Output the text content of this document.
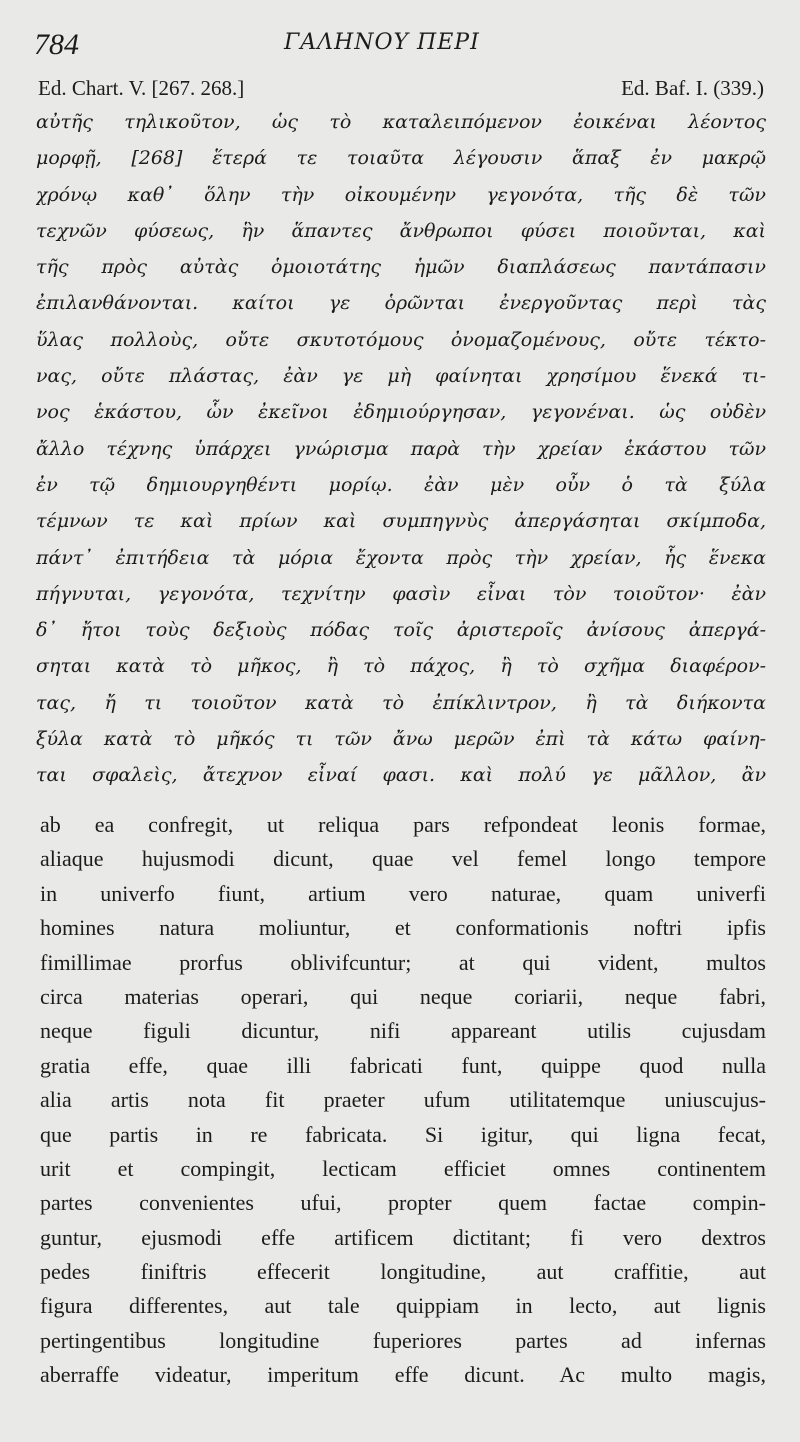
784	ΓΑΛΗΝΟΥ ΠΕΡΙ
Ed. Chart. V. [267. 268.]	Ed. Baf. I. (339.)
αὐτῆς τηλικοῦτον, ὡς τὸ καταλειπόμενον ἐοικέναι λέοντος
μορφῇ, [268] ἕτερά τε τοιαῦτα λέγουσιν ἅπαξ ἐν μακρῷ
χρόνῳ καθ᾽ ὅλην τὴν οἰκουμένην γεγονότα, τῆς δὲ τῶν
τεχνῶν φύσεως, ἣν ἅπαντες ἄνθρωποι φύσει ποιοῦνται, καὶ
τῆς πρὸς αὐτὰς ὁμοιοτάτης ἡμῶν διαπλάσεως παντάπασιν
ἐπιλανθάνονται. καίτοι γε ὁρῶνται ἐνεργοῦντας περὶ τὰς
ὕλας πολλοὺς, οὔτε σκυτοτόμους ὀνομαζομένους, οὔτε τέκτο-
νας, οὔτε πλάστας, ἐὰν γε μὴ φαίνηται χρησίμου ἕνεκά τι-
νος ἑκάστου, ὧν ἐκεῖνοι ἐδημιούργησαν, γεγονέναι. ὡς οὐδὲν
ἄλλο τέχνης ὑπάρχει γνώρισμα παρὰ τὴν χρείαν ἑκάστου τῶν
ἐν τῷ δημιουργηθέντι μορίῳ. ἐὰν μὲν οὖν ὁ τὰ ξύλα
τέμνων τε καὶ πρίων καὶ συμπηγνὺς ἀπεργάσηται σκίμποδα,
πάντ᾽ ἐπιτήδεια τὰ μόρια ἔχοντα πρὸς τὴν χρείαν, ἧς ἕνεκα
πήγνυται, γεγονότα, τεχνίτην φασὶν εἶναι τὸν τοιοῦτον· ἐὰν
δ᾽ ἤτοι τοὺς δεξιοὺς πόδας τοῖς ἀριστεροῖς ἀνίσους ἀπεργά-
σηται κατὰ τὸ μῆκος, ἢ τὸ πάχος, ἢ τὸ σχῆμα διαφέρον-
τας, ἤ τι τοιοῦτον κατὰ τὸ ἐπίκλιντρον, ἢ τὰ διήκοντα
ξύλα κατὰ τὸ μῆκός τι τῶν ἄνω μερῶν ἐπὶ τὰ κάτω φαίνη-
ται σφαλεὶς, ἄτεχνον εἶναί φασι. καὶ πολύ γε μᾶλλον, ἂν
ab ea confregit, ut reliqua pars refpondeat leonis formae,
aliaque hujusmodi dicunt, quae vel femel longo tempore
in univerfo fiunt, artium vero naturae, quam univerfi
homines natura moliuntur, et conformationis noftri ipfis
fimillimae prorfus oblivifcuntur; at qui vident, multos
circa materias operari, qui neque coriarii, neque fabri,
neque figuli dicuntur, nifi appareant utilis cujusdam
gratia effe, quae illi fabricati funt, quippe quod nulla
alia artis nota fit praeter ufum utilitatemque uniuscujus-
que partis in re fabricata. Si igitur, qui ligna fecat,
urit et compingit, lecticam efficiet omnes continentem
partes convenientes ufui, propter quem factae compin-
guntur, ejusmodi effe artificem dictitant; fi vero dextros
pedes finiftris effecerit longitudine, aut craffitie, aut
figura differentes, aut tale quippiam in lecto, aut lignis
pertingentibus longitudine fuperiores partes ad infernas
aberraffe videatur, imperitum effe dicunt. Ac multo magis,
